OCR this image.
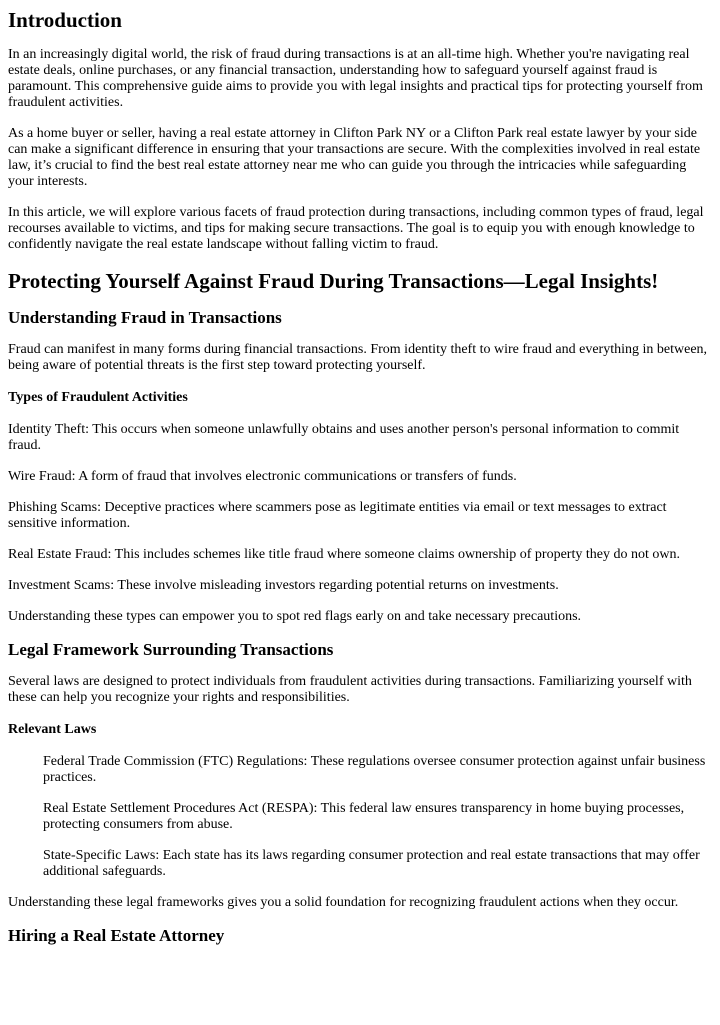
Introduction

In an increasingly digital world, the risk of fraud during transactions is at an all-time high. Whether you're navigating real estate deals, online purchases, or any financial transaction, understanding how to safeguard yourself against fraud is paramount. This comprehensive guide aims to provide you with legal insights and practical tips for protecting yourself from fraudulent activities.

As a home buyer or seller, having a real estate attorney in Clifton Park NY or a Clifton Park real estate lawyer by your side can make a significant difference in ensuring that your transactions are secure. With the complexities involved in real estate law, it’s crucial to find the best real estate attorney near me who can guide you through the intricacies while safeguarding your interests.

In this article, we will explore various facets of fraud protection during transactions, including common types of fraud, legal recourses available to victims, and tips for making secure transactions. The goal is to equip you with enough knowledge to confidently navigate the real estate landscape without falling victim to fraud.

Protecting Yourself Against Fraud During Transactions—Legal Insights!
Understanding Fraud in Transactions

Fraud can manifest in many forms during financial transactions. From identity theft to wire fraud and everything in between, being aware of potential threats is the first step toward protecting yourself.

Types of Fraudulent Activities

Identity Theft: This occurs when someone unlawfully obtains and uses another person's personal information to commit fraud.

Wire Fraud: A form of fraud that involves electronic communications or transfers of funds.

Phishing Scams: Deceptive practices where scammers pose as legitimate entities via email or text messages to extract sensitive information.

Real Estate Fraud: This includes schemes like title fraud where someone claims ownership of property they do not own.

Investment Scams: These involve misleading investors regarding potential returns on investments.

Understanding these types can empower you to spot red flags early on and take necessary precautions.

Legal Framework Surrounding Transactions

Several laws are designed to protect individuals from fraudulent activities during transactions. Familiarizing yourself with these can help you recognize your rights and responsibilities.

Relevant Laws
Federal Trade Commission (FTC) Regulations: These regulations oversee consumer protection against unfair business practices.
Real Estate Settlement Procedures Act (RESPA): This federal law ensures transparency in home buying processes, protecting consumers from abuse.
State-Specific Laws: Each state has its laws regarding consumer protection and real estate transactions that may offer additional safeguards.

Understanding these legal frameworks gives you a solid foundation for recognizing fraudulent actions when they occur.

Hiring a Real Estate Attorney
